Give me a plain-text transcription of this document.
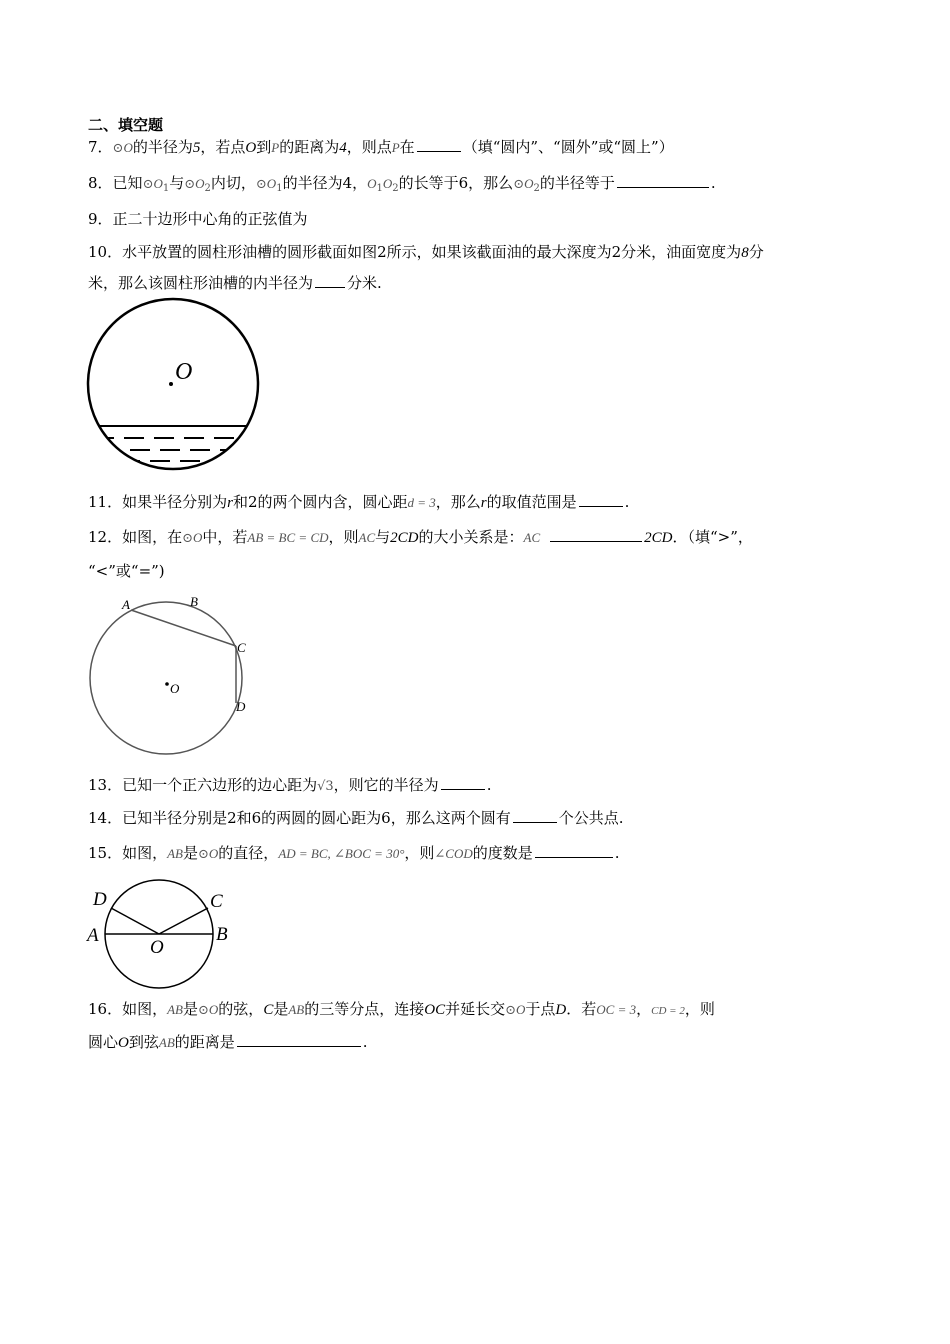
二、填空题
7．⊙O的半径为5，若点O到P的距离为4，则点P在	（填“圆内”、“圆外”或“圆上”）
8．已知$⊙O_1$与$⊙O_2$内切，$⊙O_1$的半径为4，$O_1O_2$的长等于6，那么$⊙O_2$的半径等于	.
9．正二十边形中心角的正弦值为
10．水平放置的圆柱形油槽的圆形截面如图2所示，如果该截面油的最大深度为2分米，油面宽度为8分
米，那么该圆柱形油槽的内半径为 分米.
O
11．如果半径分别为r和2的两个圆内含，圆心距d = 3，那么r的取值范围是	.
12．如图，在⊙O中，若AB = BC = CD，则AC与2CD的大小关系是：AC	2CD．（填“>”，
“<”或“=”)
A	B
C
D
O
13．已知一个正六边形的边心距为√3，则它的半径为	.
14．已知半径分别是2和6的两圆的圆心距为6，那么这两个圆有	个公共点.
15．如图，AB是⊙O的直径，AD = BC, ∠BOC = 30°，则∠COD的度数是	.
D	C
A	B
O
16．如图，AB是⊙O的弦，C是AB的三等分点，连接OC并延长交⊙O于点D．若OC = 3，CD = 2，则
圆心O到弦AB的距离是	.
